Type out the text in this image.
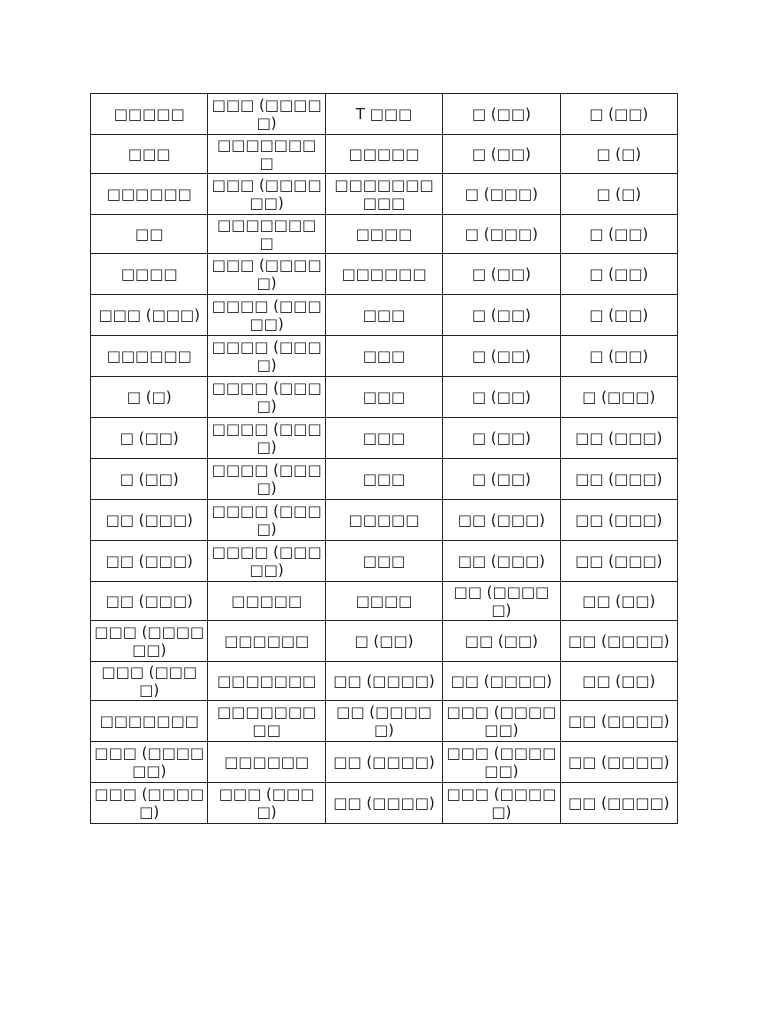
□□□□□	□□□ (□□□□□)	T □□□	□ (□□)	□ (□□)
□□□	□□□□□□□□	□□□□□	□ (□□)	□ (□)
□□□□□□	□□□ (□□□□□□)	□□□□□□□□□□	□ (□□□)	□ (□)
□□	□□□□□□□□	□□□□	□ (□□□)	□ (□□)
□□□□	□□□ (□□□□□)	□□□□□□	□ (□□)	□ (□□)
□□□ (□□□)	□□□□ (□□□□□)	□□□	□ (□□)	□ (□□)
□□□□□□	□□□□ (□□□□)	□□□	□ (□□)	□ (□□)
□ (□)	□□□□ (□□□□)	□□□	□ (□□)	□ (□□□)
□ (□□)	□□□□ (□□□□)	□□□	□ (□□)	□□ (□□□)
□ (□□)	□□□□ (□□□□)	□□□	□ (□□)	□□ (□□□)
□□ (□□□)	□□□□ (□□□□)	□□□□□	□□ (□□□)	□□ (□□□)
□□ (□□□)	□□□□ (□□□□□)	□□□	□□ (□□□)	□□ (□□□)
□□ (□□□)	□□□□□	□□□□	□□ (□□□□□)	□□ (□□)
□□□ (□□□□□□)	□□□□□□	□ (□□)	□□ (□□)	□□ (□□□□)
□□□ (□□□□)	□□□□□□□	□□ (□□□□)	□□ (□□□□)	□□ (□□)
□□□□□□□	□□□□□□□□□	□□ (□□□□□)	□□□ (□□□□□□)	□□ (□□□□)
□□□ (□□□□□□)	□□□□□□	□□ (□□□□)	□□□ (□□□□□□)	□□ (□□□□)
□□□ (□□□□□)	□□□ (□□□□)	□□ (□□□□)	□□□ (□□□□□)	□□ (□□□□)
